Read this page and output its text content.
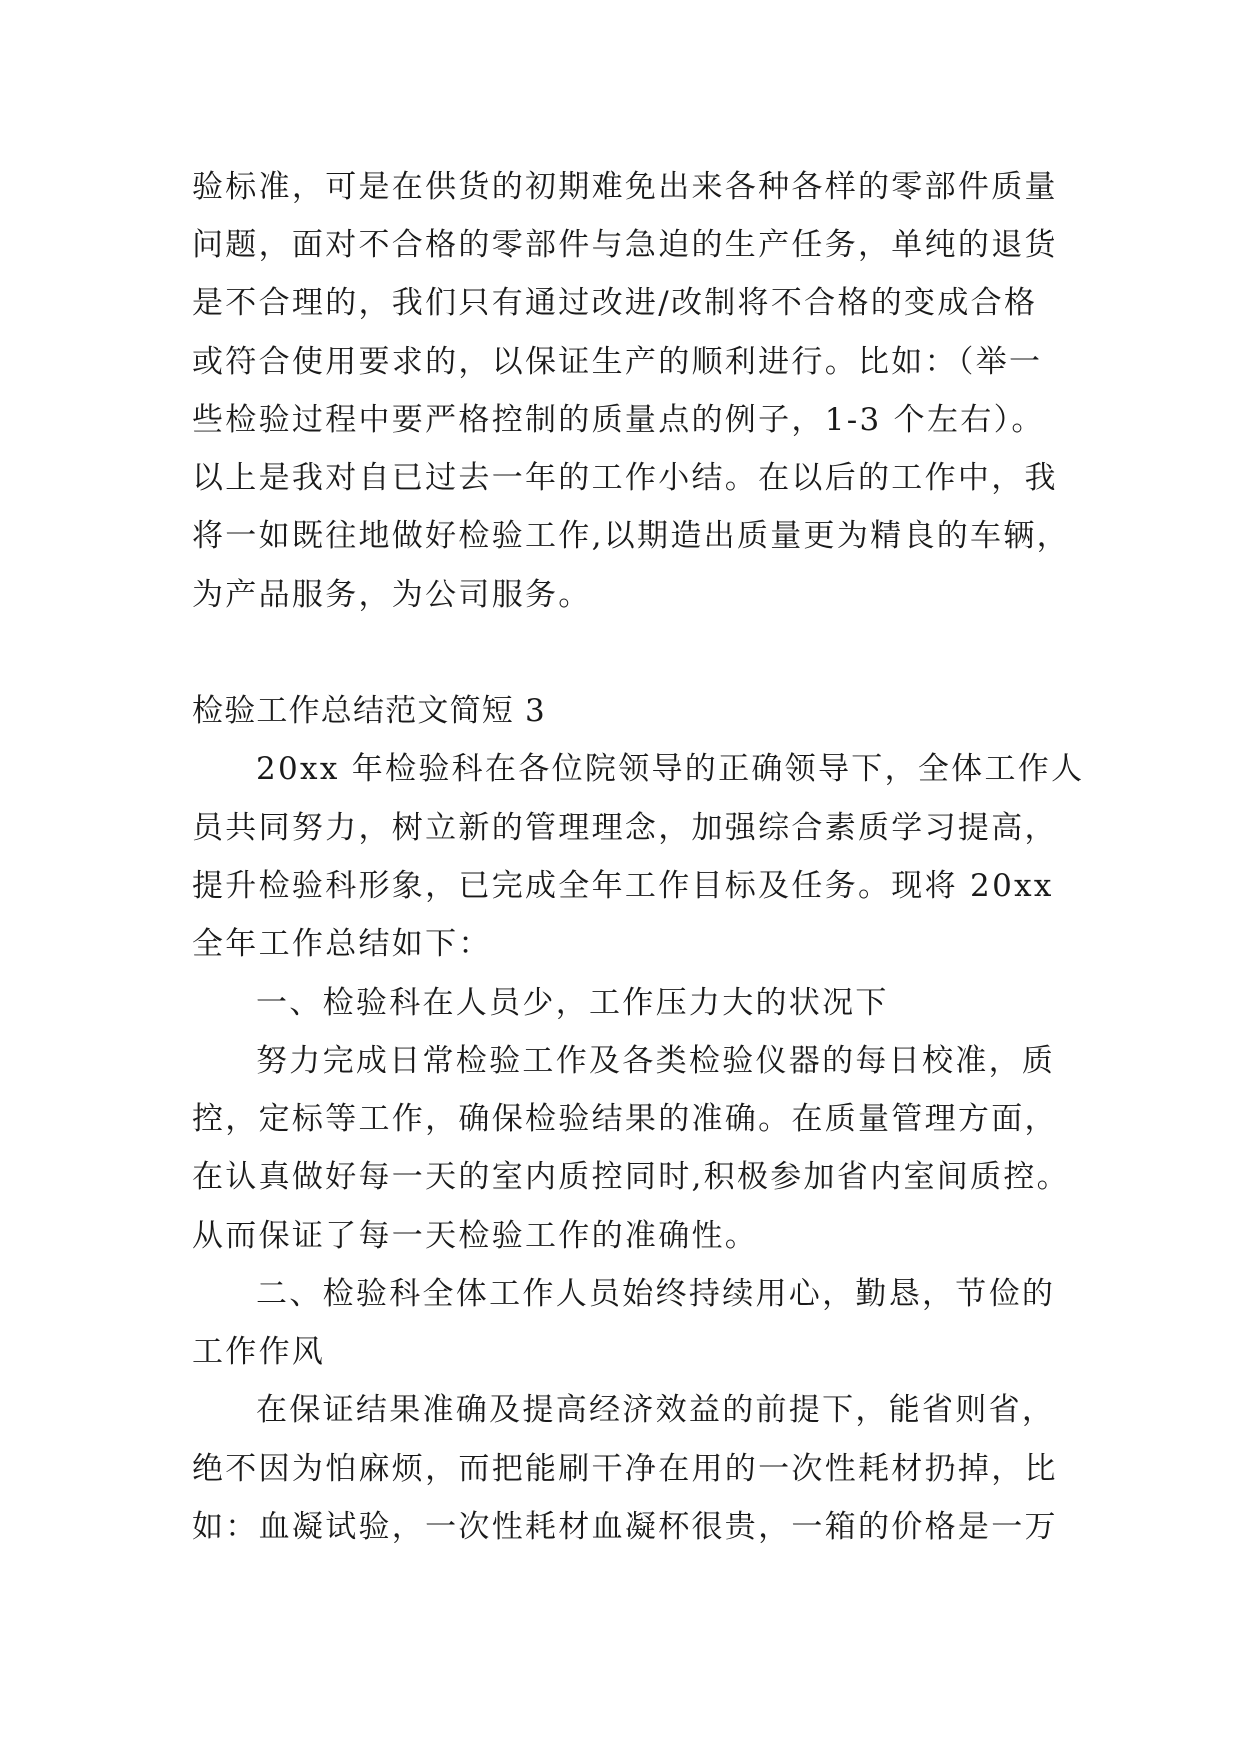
验标准，可是在供货的初期难免出来各种各样的零部件质量
问题，面对不合格的零部件与急迫的生产任务，单纯的退货
是不合理的，我们只有通过改进/改制将不合格的变成合格
或符合使用要求的，以保证生产的顺利进行。比如：（举一
些检验过程中要严格控制的质量点的例子，1-3 个左右）。
以上是我对自已过去一年的工作小结。在以后的工作中，我
将一如既往地做好检验工作,以期造出质量更为精良的车辆，
为产品服务，为公司服务。
检验工作总结范文简短 3
20xx 年检验科在各位院领导的正确领导下，全体工作人
员共同努力，树立新的管理理念，加强综合素质学习提高，
提升检验科形象，已完成全年工作目标及任务。现将 20xx
全年工作总结如下：
一、检验科在人员少，工作压力大的状况下
努力完成日常检验工作及各类检验仪器的每日校准，质
控，定标等工作，确保检验结果的准确。在质量管理方面，
在认真做好每一天的室内质控同时,积极参加省内室间质控。
从而保证了每一天检验工作的准确性。
二、检验科全体工作人员始终持续用心，勤恳，节俭的
工作作风
在保证结果准确及提高经济效益的前提下，能省则省，
绝不因为怕麻烦，而把能刷干净在用的一次性耗材扔掉，比
如：血凝试验，一次性耗材血凝杯很贵，一箱的价格是一万
